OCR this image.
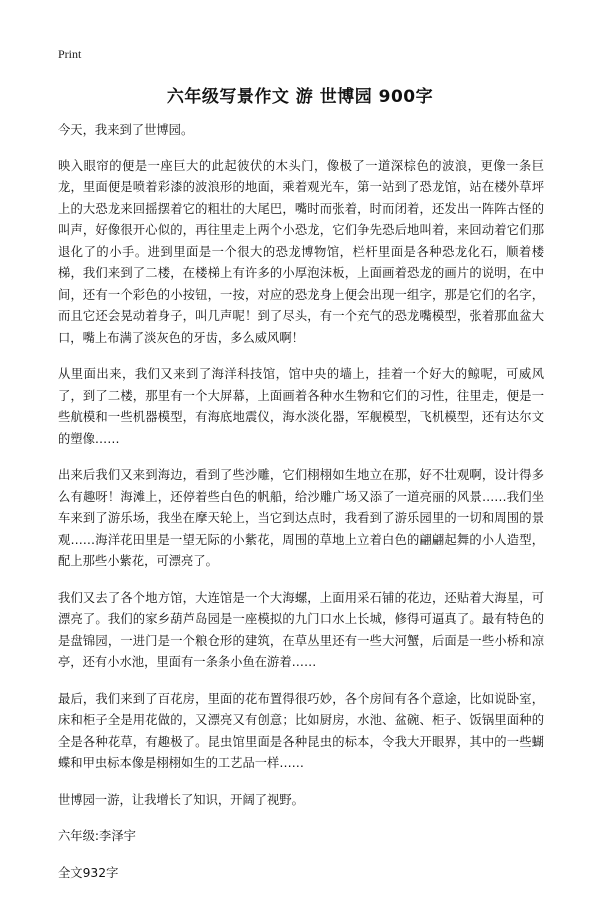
Print
六年级写景作文 游 世博园 900字

今天，我来到了世博园。

映入眼帘的便是一座巨大的此起彼伏的木头门，像极了一道深棕色的波浪，更像一条巨龙，里面便是喷着彩漆的波浪形的地面，乘着观光车，第一站到了恐龙馆，站在楼外草坪上的大恐龙来回摇摆着它的粗壮的大尾巴，嘴时而张着，时而闭着，还发出一阵阵古怪的叫声，好像很开心似的，再往里走上两个小恐龙，它们争先恐后地叫着，来回动着它们那退化了的小手。进到里面是一个很大的恐龙博物馆，栏杆里面是各种恐龙化石，顺着楼梯，我们来到了二楼，在楼梯上有许多的小厚泡沫板，上面画着恐龙的画片的说明，在中间，还有一个彩色的小按钮，一按，对应的恐龙身上便会出现一组字，那是它们的名字，而且它还会晃动着身子，叫几声呢！到了尽头，有一个充气的恐龙嘴模型，张着那血盆大口，嘴上布满了淡灰色的牙齿，多么威风啊！

从里面出来，我们又来到了海洋科技馆，馆中央的墙上，挂着一个好大的鲸呢，可威风了，到了二楼，那里有一个大屏幕，上面画着各种水生物和它们的习性，往里走，便是一些航模和一些机器模型，有海底地震仪，海水淡化器，军舰模型，飞机模型，还有达尔文的塑像……

出来后我们又来到海边，看到了些沙雕，它们栩栩如生地立在那，好不壮观啊，设计得多么有趣呀！海滩上，还停着些白色的帆船，给沙雕广场又添了一道亮丽的风景……我们坐车来到了游乐场，我坐在摩天轮上，当它到达点时，我看到了游乐园里的一切和周围的景观……海洋花田里是一望无际的小紫花，周围的草地上立着白色的翩翩起舞的小人造型，配上那些小紫花，可漂亮了。

我们又去了各个地方馆，大连馆是一个大海螺，上面用采石铺的花边，还贴着大海星，可漂亮了。我们的家乡葫芦岛园是一座模拟的九门口水上长城，修得可逼真了。最有特色的是盘锦园，一进门是一个粮仓形的建筑，在草丛里还有一些大河蟹，后面是一些小桥和凉亭，还有小水池，里面有一条条小鱼在游着……

最后，我们来到了百花房，里面的花布置得很巧妙，各个房间有各个意途，比如说卧室，床和柜子全是用花做的，又漂亮又有创意；比如厨房，水池、盆碗、柜子、饭锅里面种的全是各种花草，有趣极了。昆虫馆里面是各种昆虫的标本，令我大开眼界，其中的一些蝴蝶和甲虫标本像是栩栩如生的工艺品一样……

世博园一游，让我增长了知识，开阔了视野。

六年级:李泽宇

全文932字
